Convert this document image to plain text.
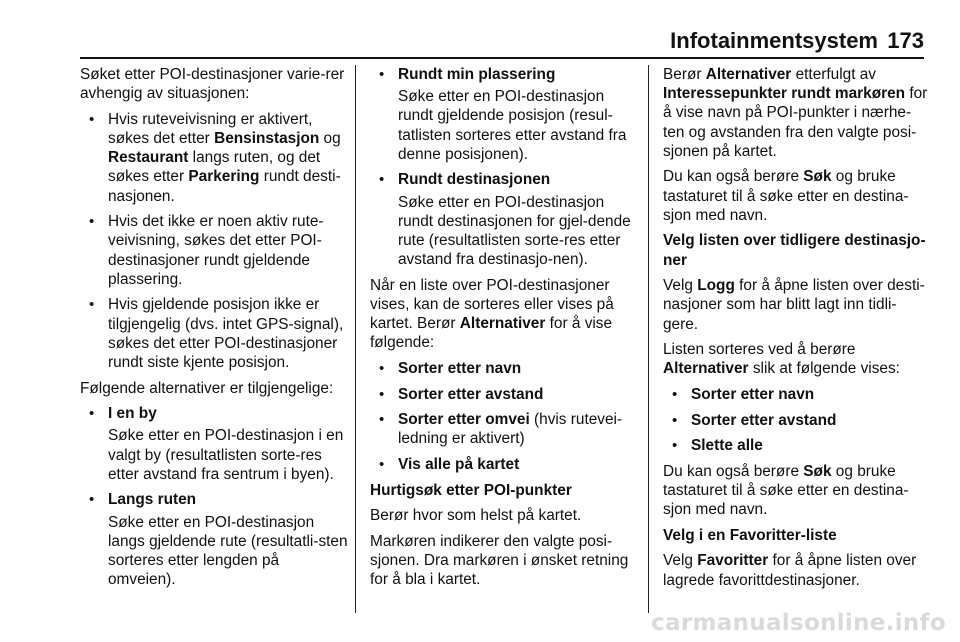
Infotainmentsystem 173

Søket etter POI-destinasjoner varie-rer avhengig av situasjonen:

• Hvis ruteveivisning er aktivert, søkes det etter Bensinstasjon og Restaurant langs ruten, og det søkes etter Parkering rundt desti-nasjonen.
• Hvis det ikke er noen aktiv rute-veivisning, søkes det etter POI-destinasjoner rundt gjeldende plassering.
• Hvis gjeldende posisjon ikke er tilgjengelig (dvs. intet GPS-signal), søkes det etter POI-destinasjoner rundt siste kjente posisjon.

Følgende alternativer er tilgjengelige:

• I en by
Søke etter en POI-destinasjon i en valgt by (resultatlisten sorte-res etter avstand fra sentrum i byen).
• Langs ruten
Søke etter en POI-destinasjon langs gjeldende rute (resultatli-sten sorteres etter lengden på omveien).
• Rundt min plassering
Søke etter en POI-destinasjon rundt gjeldende posisjon (resul-tatlisten sorteres etter avstand fra denne posisjonen).
• Rundt destinasjonen
Søke etter en POI-destinasjon rundt destinasjonen for gjel-dende rute (resultatlisten sorte-res etter avstand fra destinasjo-nen).

Når en liste over POI-destinasjoner vises, kan de sorteres eller vises på kartet. Berør Alternativer for å vise følgende:

• Sorter etter navn
• Sorter etter avstand
• Sorter etter omvei (hvis rutevei-ledning er aktivert)
• Vis alle på kartet

Hurtigsøk etter POI-punkter

Berør hvor som helst på kartet.

Markøren indikerer den valgte posi-sjonen. Dra markøren i ønsket retning for å bla i kartet.

Berør Alternativer etterfulgt av Interessepunkter rundt markøren for å vise navn på POI-punkter i nærhe-ten og avstanden fra den valgte posi-sjonen på kartet.

Du kan også berøre Søk og bruke tastaturet til å søke etter en destina-sjon med navn.

Velg listen over tidligere destinasjo-ner

Velg Logg for å åpne listen over desti-nasjoner som har blitt lagt inn tidli-gere.

Listen sorteres ved å berøre Alternativer slik at følgende vises:

• Sorter etter navn
• Sorter etter avstand
• Slette alle

Du kan også berøre Søk og bruke tastaturet til å søke etter en destina-sjon med navn.

Velg i en Favoritter-liste

Velg Favoritter for å åpne listen over lagrede favorittdestinasjoner.

carmanualsonline.info
